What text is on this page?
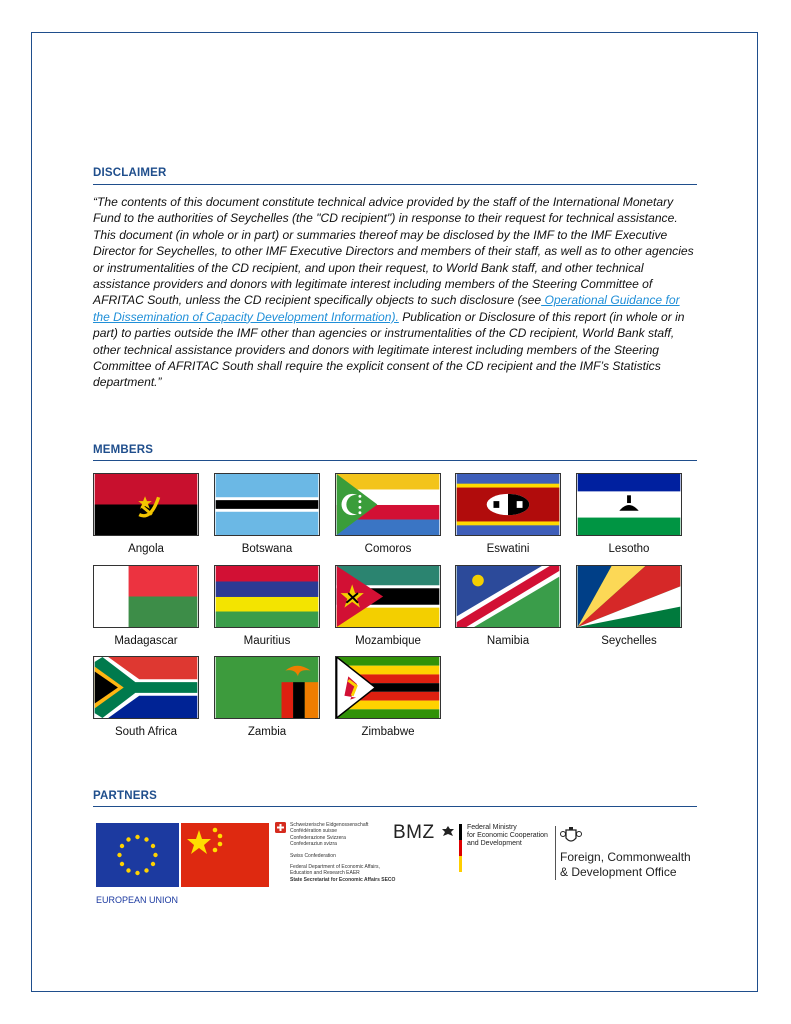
DISCLAIMER
“The contents of this document constitute technical advice provided by the staff of the International Monetary Fund to the authorities of Seychelles (the "CD recipient") in response to their request for technical assistance. This document (in whole or in part) or summaries thereof may be disclosed by the IMF to the IMF Executive Director for Seychelles, to other IMF Executive Directors and members of their staff, as well as to other agencies or instrumentalities of the CD recipient, and upon their request, to World Bank staff, and other technical assistance providers and donors with legitimate interest including members of the Steering Committee of AFRITAC South, unless the CD recipient specifically objects to such disclosure (see Operational Guidance for the Dissemination of Capacity Development Information). Publication or Disclosure of this report (in whole or in part) to parties outside the IMF other than agencies or instrumentalities of the CD recipient, World Bank staff, other technical assistance providers and donors with legitimate interest including members of the Steering Committee of AFRITAC South shall require the explicit consent of the CD recipient and the IMF’s Statistics department.”
MEMBERS
Angola	Botswana	Comoros	Eswatini	Lesotho
Madagascar	Mauritius	Mozambique	Namibia	Seychelles
South Africa	Zambia	Zimbabwe
PARTNERS
EUROPEAN UNION
Schweizerische Eidgenossenschaft
Confédération suisse
Confederazione Svizzera
Confederaziun svizra
Swiss Confederation
Federal Department of Economic Affairs,
Education and Research EAER
State Secretariat for Economic Affairs SECO
BMZ	Federal Ministry
for Economic Cooperation
and Development
Foreign, Commonwealth
& Development Office
